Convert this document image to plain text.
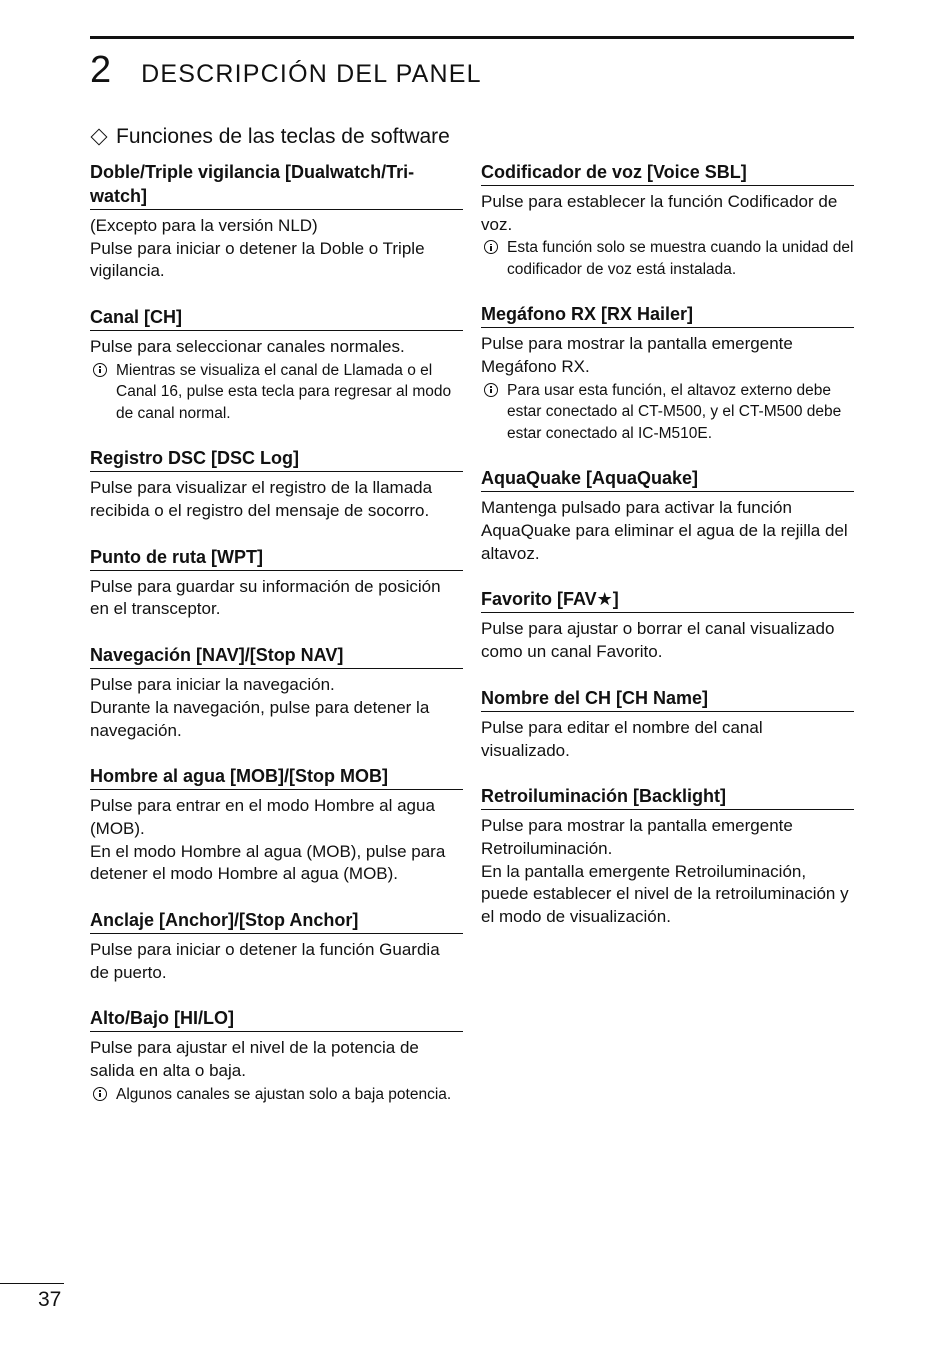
2 DESCRIPCIÓN DEL PANEL
Funciones de las teclas de software
Doble/Triple vigilancia [Dualwatch/Tri-watch]
(Excepto para la versión NLD)
Pulse para iniciar o detener la Doble o Triple vigilancia.
Canal [CH]
Pulse para seleccionar canales normales.
Mientras se visualiza el canal de Llamada o el Canal 16, pulse esta tecla para regresar al modo de canal normal.
Registro DSC [DSC Log]
Pulse para visualizar el registro de la llamada recibida o el registro del mensaje de socorro.
Punto de ruta [WPT]
Pulse para guardar su información de posición en el transceptor.
Navegación [NAV]/[Stop NAV]
Pulse para iniciar la navegación.
Durante la navegación, pulse para detener la navegación.
Hombre al agua [MOB]/[Stop MOB]
Pulse para entrar en el modo Hombre al agua (MOB).
En el modo Hombre al agua (MOB), pulse para detener el modo Hombre al agua (MOB).
Anclaje [Anchor]/[Stop Anchor]
Pulse para iniciar o detener la función Guardia de puerto.
Alto/Bajo [HI/LO]
Pulse para ajustar el nivel de la potencia de salida en alta o baja.
Algunos canales se ajustan solo a baja potencia.
Codificador de voz [Voice SBL]
Pulse para establecer la función Codificador de voz.
Esta función solo se muestra cuando la unidad del codificador de voz está instalada.
Megáfono RX [RX Hailer]
Pulse para mostrar la pantalla emergente Megáfono RX.
Para usar esta función, el altavoz externo debe estar conectado al CT-M500, y el CT-M500 debe estar conectado al IC-M510E.
AquaQuake [AquaQuake]
Mantenga pulsado para activar la función AquaQuake para eliminar el agua de la rejilla del altavoz.
Favorito [FAV★]
Pulse para ajustar o borrar el canal visualizado como un canal Favorito.
Nombre del CH [CH Name]
Pulse para editar el nombre del canal visualizado.
Retroiluminación [Backlight]
Pulse para mostrar la pantalla emergente Retroiluminación.
En la pantalla emergente Retroiluminación, puede establecer el nivel de la retroiluminación y el modo de visualización.
37
